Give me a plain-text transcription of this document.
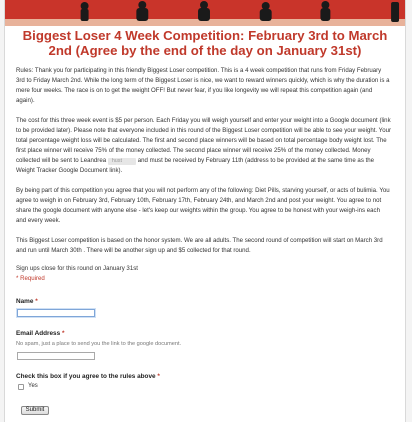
Biggest Loser 4 Week Competition: February 3rd to March 2nd (Agree by the end of the day on January 31st)

Rules: Thank you for participating in this friendly Biggest Loser competition. This is a 4 week competition that runs from Friday February 3rd to Friday March 2nd. While the long term of the Biggest Loser is nice, we want to reward winners quickly, which is why the duration is a mere four weeks. The race is on to get the weight OFF! But never fear, if you like longevity we will repeat this competition again (and again).

The cost for this three week event is $5 per person. Each Friday you will weigh yourself and enter your weight into a Google document (link to be provided later). Please note that everyone included in this round of the Biggest Loser competition will be able to see your weight. Your total percentage weight loss will be calculated. The first and second place winners will be based on total percentage body weight lost. The first place winner will receive 75% of the money collected. The second place winner will receive 25% of the money collected. Money collected will be sent to Leandrea hust	and must be received by February 11th (address to be provided at the same time as the Weight Tracker Google Document link).

By being part of this competition you agree that you will not perform any of the following: Diet Pills, starving yourself, or acts of bulimia. You agree to weigh in on February 3rd, February 10th, February 17th, February 24th, and March 2nd and post your weight. You agree to not share the google document with anyone else - let's keep our weights within the group. You agree to be honest with your weigh-ins each and every week.

This Biggest Loser competition is based on the honor system. We are all adults. The second round of competition will start on March 3rd and run until March 30th . There will be another sign up and $5 collected for that round.

Sign ups close for this round on January 31st
* Required
Name *
Email Address *
No spam, just a place to send you the link to the google document.
Check this box if you agree to the rules above *
Yes
Submit
